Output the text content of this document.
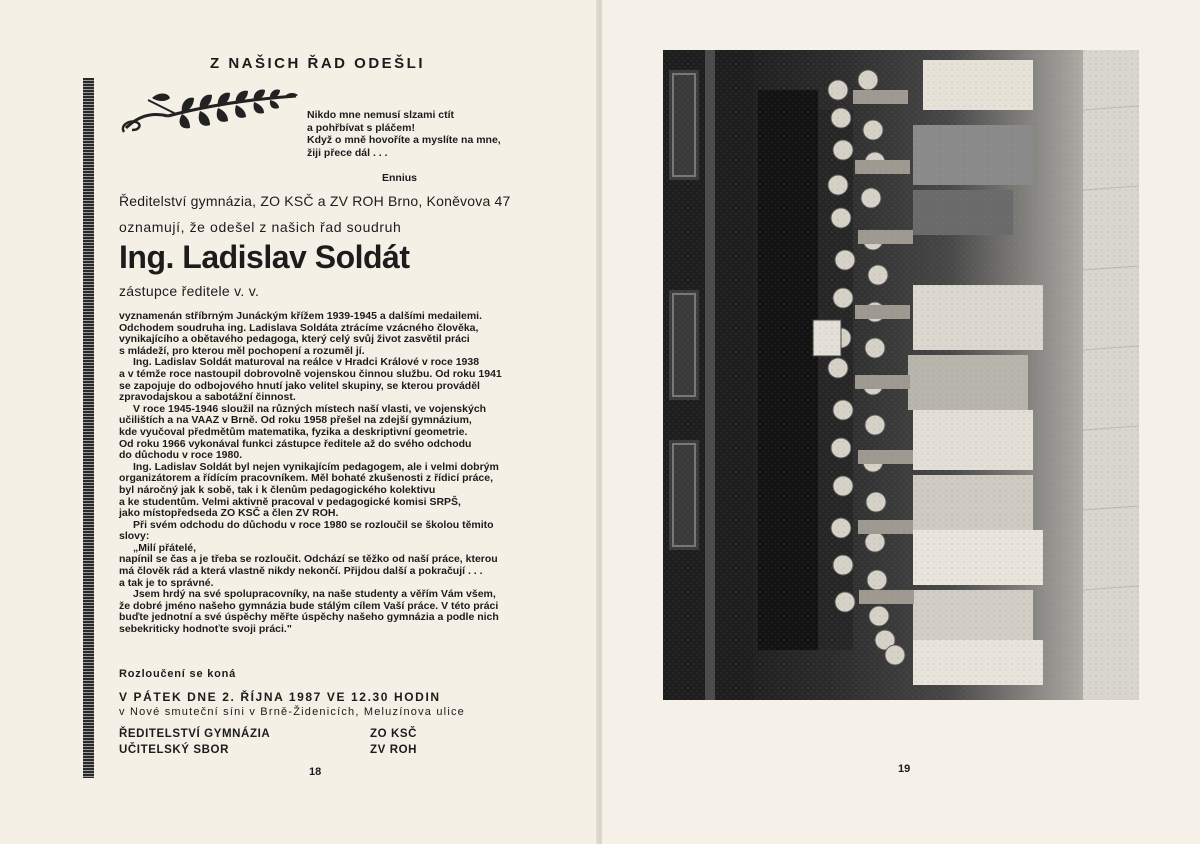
Z NAŠICH ŘAD ODEŠLI
Nikdo mne nemusí slzami ctít
a pohřbívat s pláčem!
Když o mně hovoříte a myslíte na mne,
žiji přece dál . . .
Ennius
Ředitelství gymnázia, ZO KSČ a ZV ROH Brno, Koněvova 47
oznamují, že odešel z našich řad soudruh
Ing. Ladislav Soldát
zástupce ředitele v. v.
vyznamenán stříbrným Junáckým křížem 1939-1945 a dalšími medailemi.
Odchodem soudruha ing. Ladislava Soldáta ztrácíme vzácného člověka,
vynikajícího a obětavého pedagoga, který celý svůj život zasvětil práci
s mládeží, pro kterou měl pochopení a rozuměl jí.
Ing. Ladislav Soldát maturoval na reálce v Hradci Králové v roce 1938
a v témže roce nastoupil dobrovolně vojenskou činnou službu. Od roku 1941
se zapojuje do odbojového hnutí jako velitel skupiny, se kterou prováděl
zpravodajskou a sabotážní činnost.
V roce 1945-1946 sloužil na různých místech naší vlasti, ve vojenských
učilištích a na VAAZ v Brně. Od roku 1958 přešel na zdejší gymnázium,
kde vyučoval předmětům matematika, fyzika a deskriptivní geometrie.
Od roku 1966 vykonával funkci zástupce ředitele až do svého odchodu
do důchodu v roce 1980.
Ing. Ladislav Soldát byl nejen vynikajícím pedagogem, ale i velmi dobrým
organizátorem a řídícím pracovníkem. Měl bohaté zkušenosti z řídicí práce,
byl náročný jak k sobě, tak i k členům pedagogického kolektivu
a ke studentům. Velmi aktivně pracoval v pedagogické komisi SRPŠ,
jako místopředseda ZO KSČ a člen ZV ROH.
Při svém odchodu do důchodu v roce 1980 se rozloučil se školou těmito
slovy:
„Milí přátelé,
napínil se čas a je třeba se rozloučit. Odchází se těžko od naší práce, kterou
má člověk rád a která vlastně nikdy nekončí. Přijdou další a pokračují . . .
a tak je to správné.
Jsem hrdý na své spolupracovníky, na naše studenty a věřím Vám všem,
že dobré jméno našeho gymnázia bude stálým cílem Vaší práce. V této práci
buďte jednotní a své úspěchy měřte úspěchy našeho gymnázia a podle nich
sebekriticky hodnoťte svoji práci."
Rozloučení se koná
V PÁTEK DNE 2. ŘÍJNA 1987 VE 12.30 HODIN
v Nové smuteční síni v Brně-Židenicích, Meluzínova ulice
ŘEDITELSTVÍ GYMNÁZIA
UČITELSKÝ SBOR
ZO KSČ
ZV ROH
18	19
